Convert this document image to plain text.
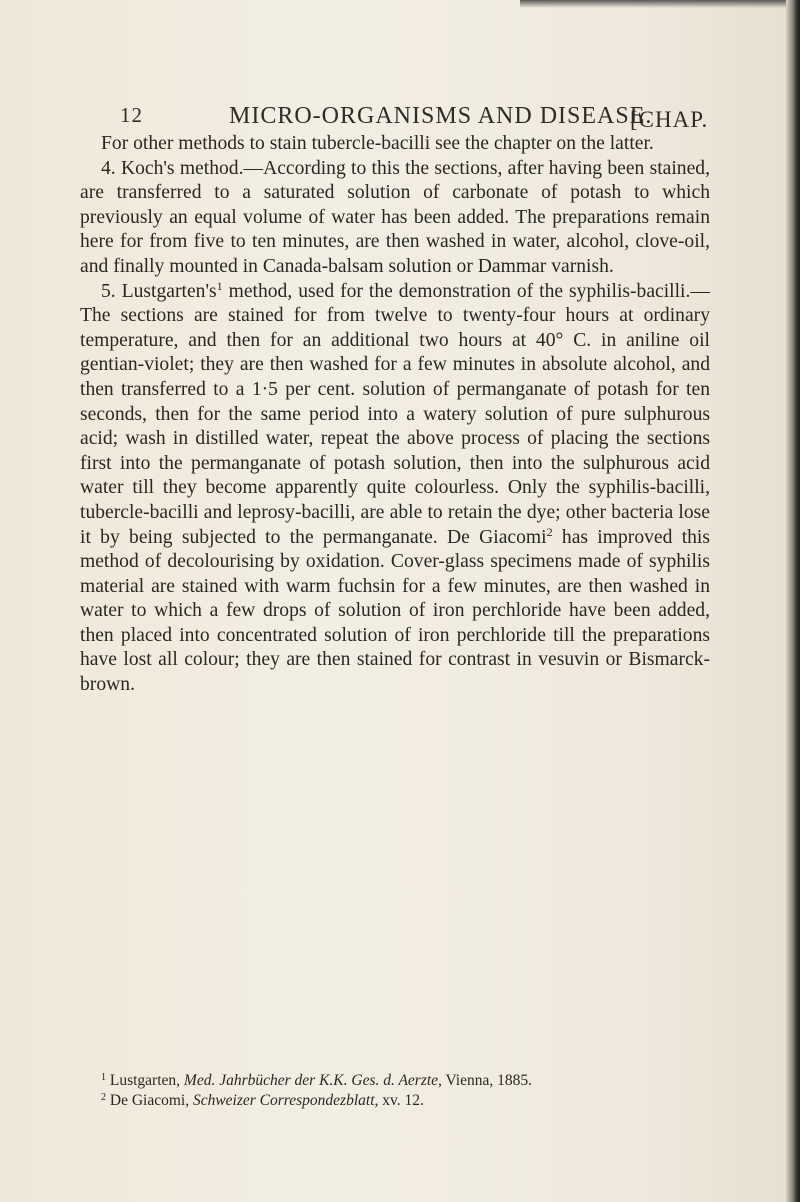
12	MICRO-ORGANISMS AND DISEASE.
[CHAP.

For other methods to stain tubercle-bacilli see the chapter on the latter.

4. Koch's method.—According to this the sections, after having been stained, are transferred to a saturated solution of carbonate of potash to which previously an equal volume of water has been added. The preparations remain here for from five to ten minutes, are then washed in water, alcohol, clove-oil, and finally mounted in Canada-balsam solution or Dammar varnish.

5. $Lustgarten's^1$ method, used for the demonstration of the syphilis-bacilli.—The sections are stained for from twelve to twenty-four hours at ordinary temperature, and then for an additional two hours at 40° C. in aniline oil gentian-violet; they are then washed for a few minutes in absolute alcohol, and then transferred to a 1·5 per cent. solution of permanganate of potash for ten seconds, then for the same period into a watery solution of pure sulphurous acid; wash in distilled water, repeat the above process of placing the sections first into the permanganate of potash solution, then into the sulphurous acid water till they become apparently quite colourless. Only the syphilis-bacilli, tubercle-bacilli and leprosy-bacilli, are able to retain the dye; other bacteria lose it by being subjected to the permanganate. De Giacomi$^2$ has improved this method of decolourising by oxidation. Cover-glass specimens made of syphilis material are stained with warm fuchsin for a few minutes, are then washed in water to which a few drops of solution of iron perchloride have been added, then placed into concentrated solution of iron perchloride till the preparations have lost all colour; they are then stained for contrast in vesuvin or Bismarck-brown.

$^1$ Lustgarten, Med. Jahrbücher der K.K. Ges. d. Aerzte, Vienna, 1885.

$^2$ De Giacomi, Schweizer Correspondezblatt, xv. 12.
